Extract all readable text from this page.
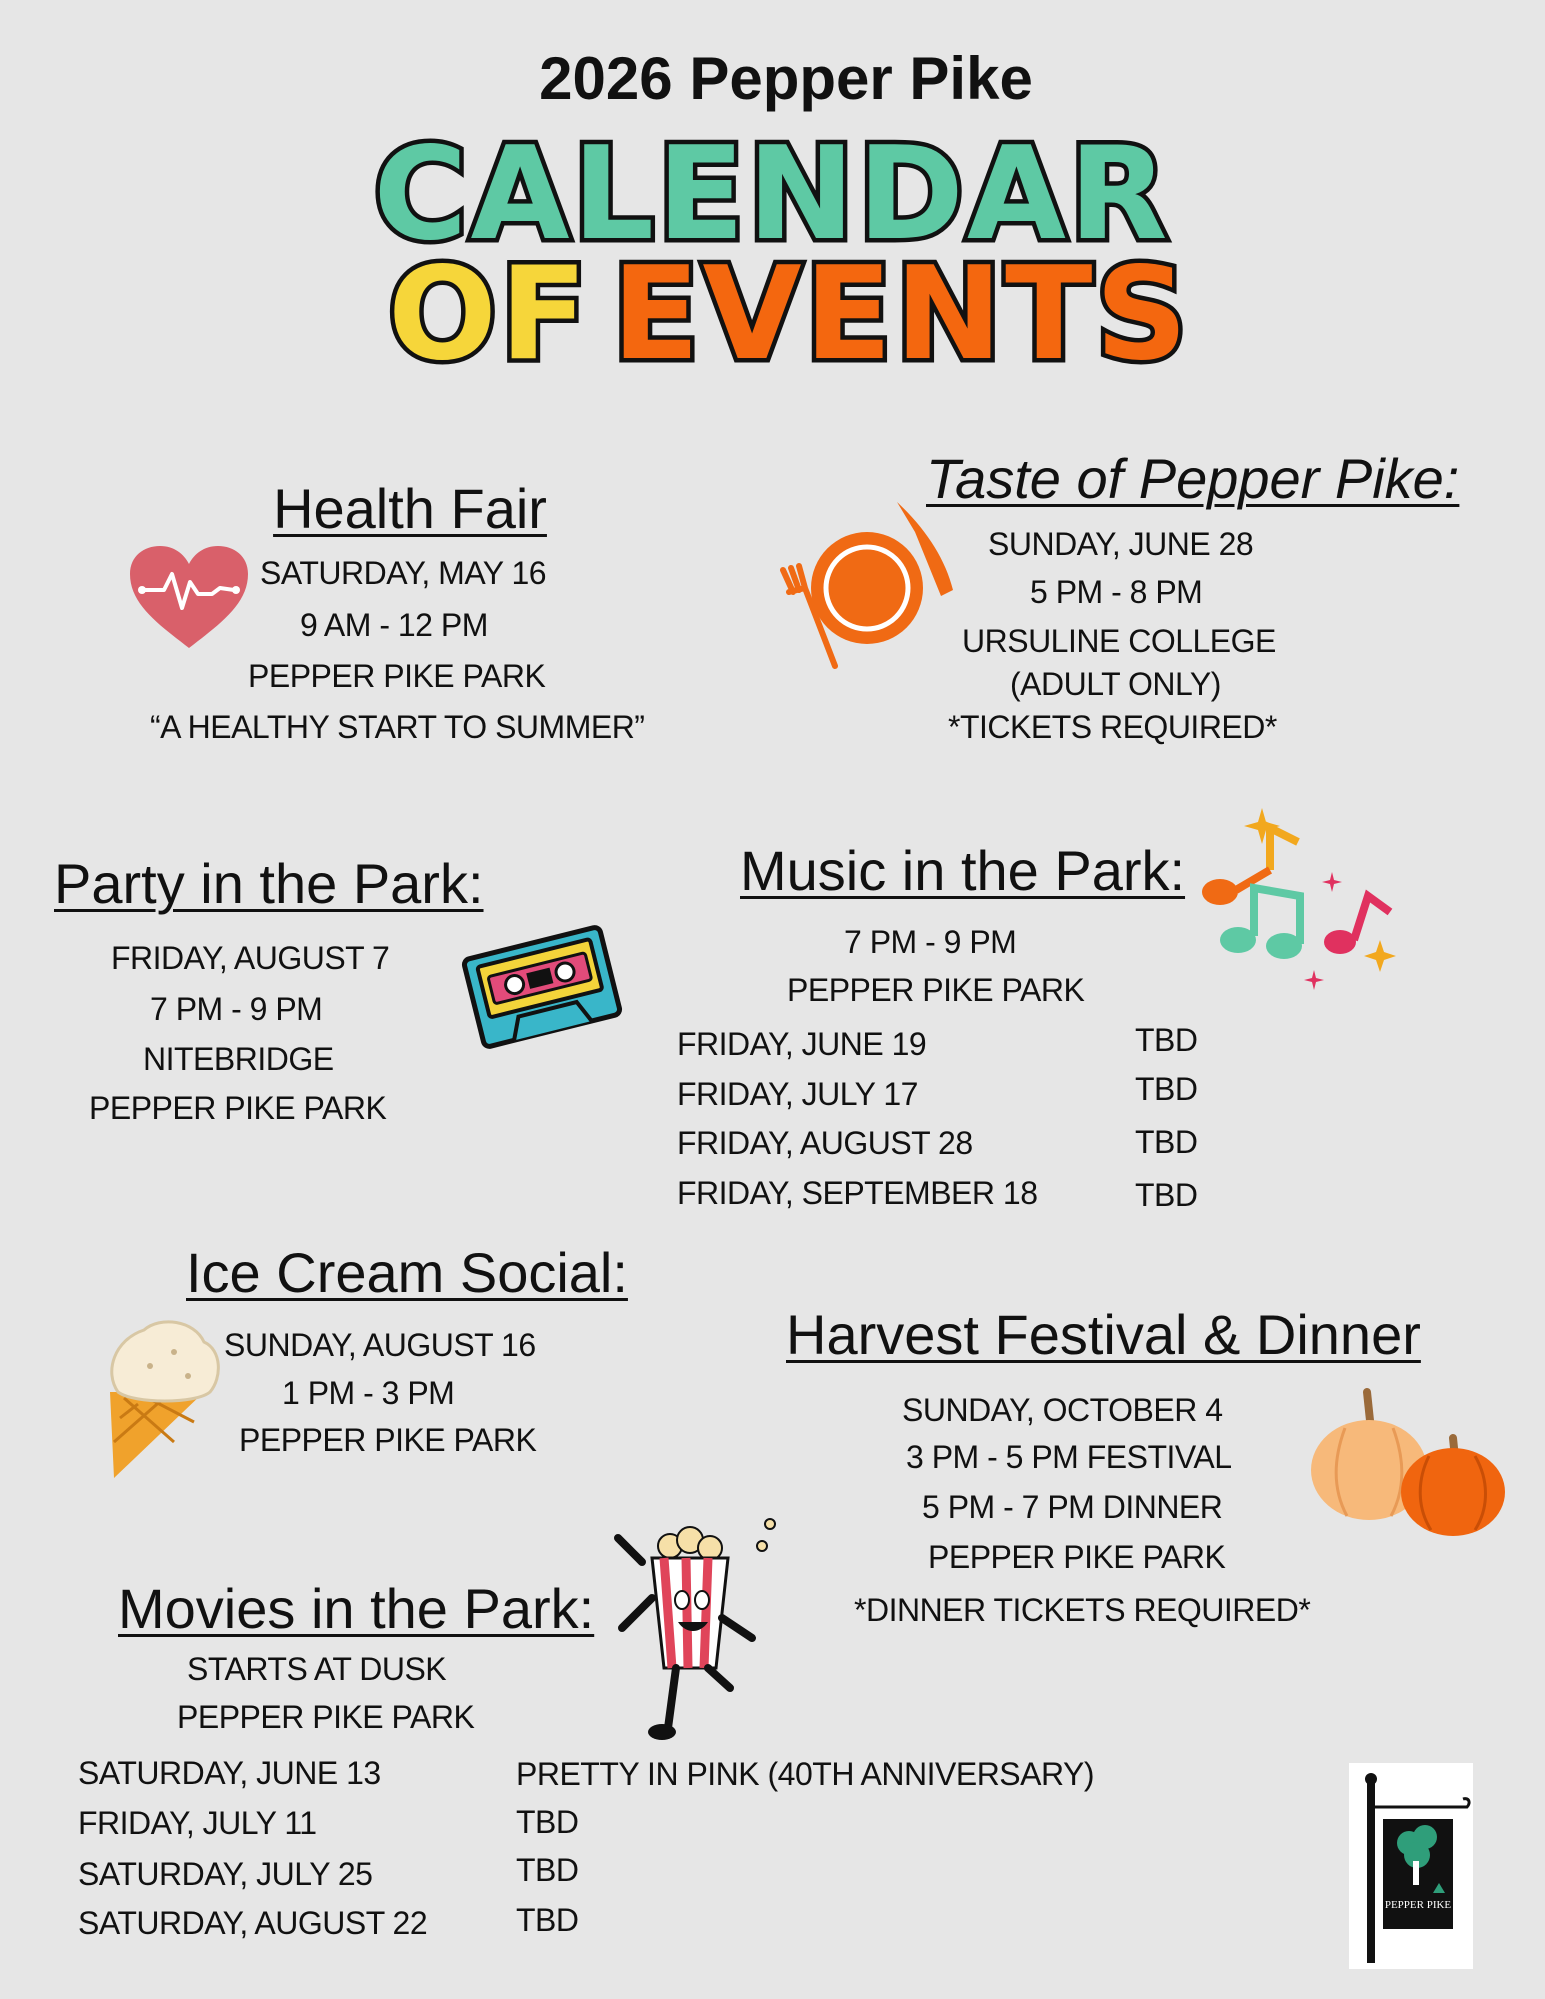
2026 Pepper Pike
CALENDAR
OF EVENTS
Health Fair
SATURDAY, MAY 16
9 AM - 12 PM
PEPPER PIKE PARK
“A HEALTHY START TO SUMMER”
Taste of Pepper Pike:
SUNDAY, JUNE 28
5 PM - 8 PM
URSULINE COLLEGE
(ADULT ONLY)
*TICKETS REQUIRED*
Party in the Park:
FRIDAY, AUGUST 7
7 PM - 9 PM
NITEBRIDGE
PEPPER PIKE PARK
Music in the Park:
7 PM - 9 PM
PEPPER PIKE PARK
FRIDAY, JUNE 19	TBD
FRIDAY, JULY 17	TBD
FRIDAY, AUGUST 28	TBD
FRIDAY, SEPTEMBER 18	TBD
Ice Cream Social:
SUNDAY, AUGUST 16
1 PM - 3 PM
PEPPER PIKE PARK
Harvest Festival & Dinner
SUNDAY, OCTOBER 4
3 PM - 5 PM FESTIVAL
5 PM - 7 PM DINNER
PEPPER PIKE PARK
*DINNER TICKETS REQUIRED*
Movies in the Park:
STARTS AT DUSK
PEPPER PIKE PARK
SATURDAY, JUNE 13	PRETTY IN PINK (40TH ANNIVERSARY)
FRIDAY, JULY 11	TBD
SATURDAY, JULY 25	TBD
SATURDAY, AUGUST 22	TBD	PEPPER PIKE
